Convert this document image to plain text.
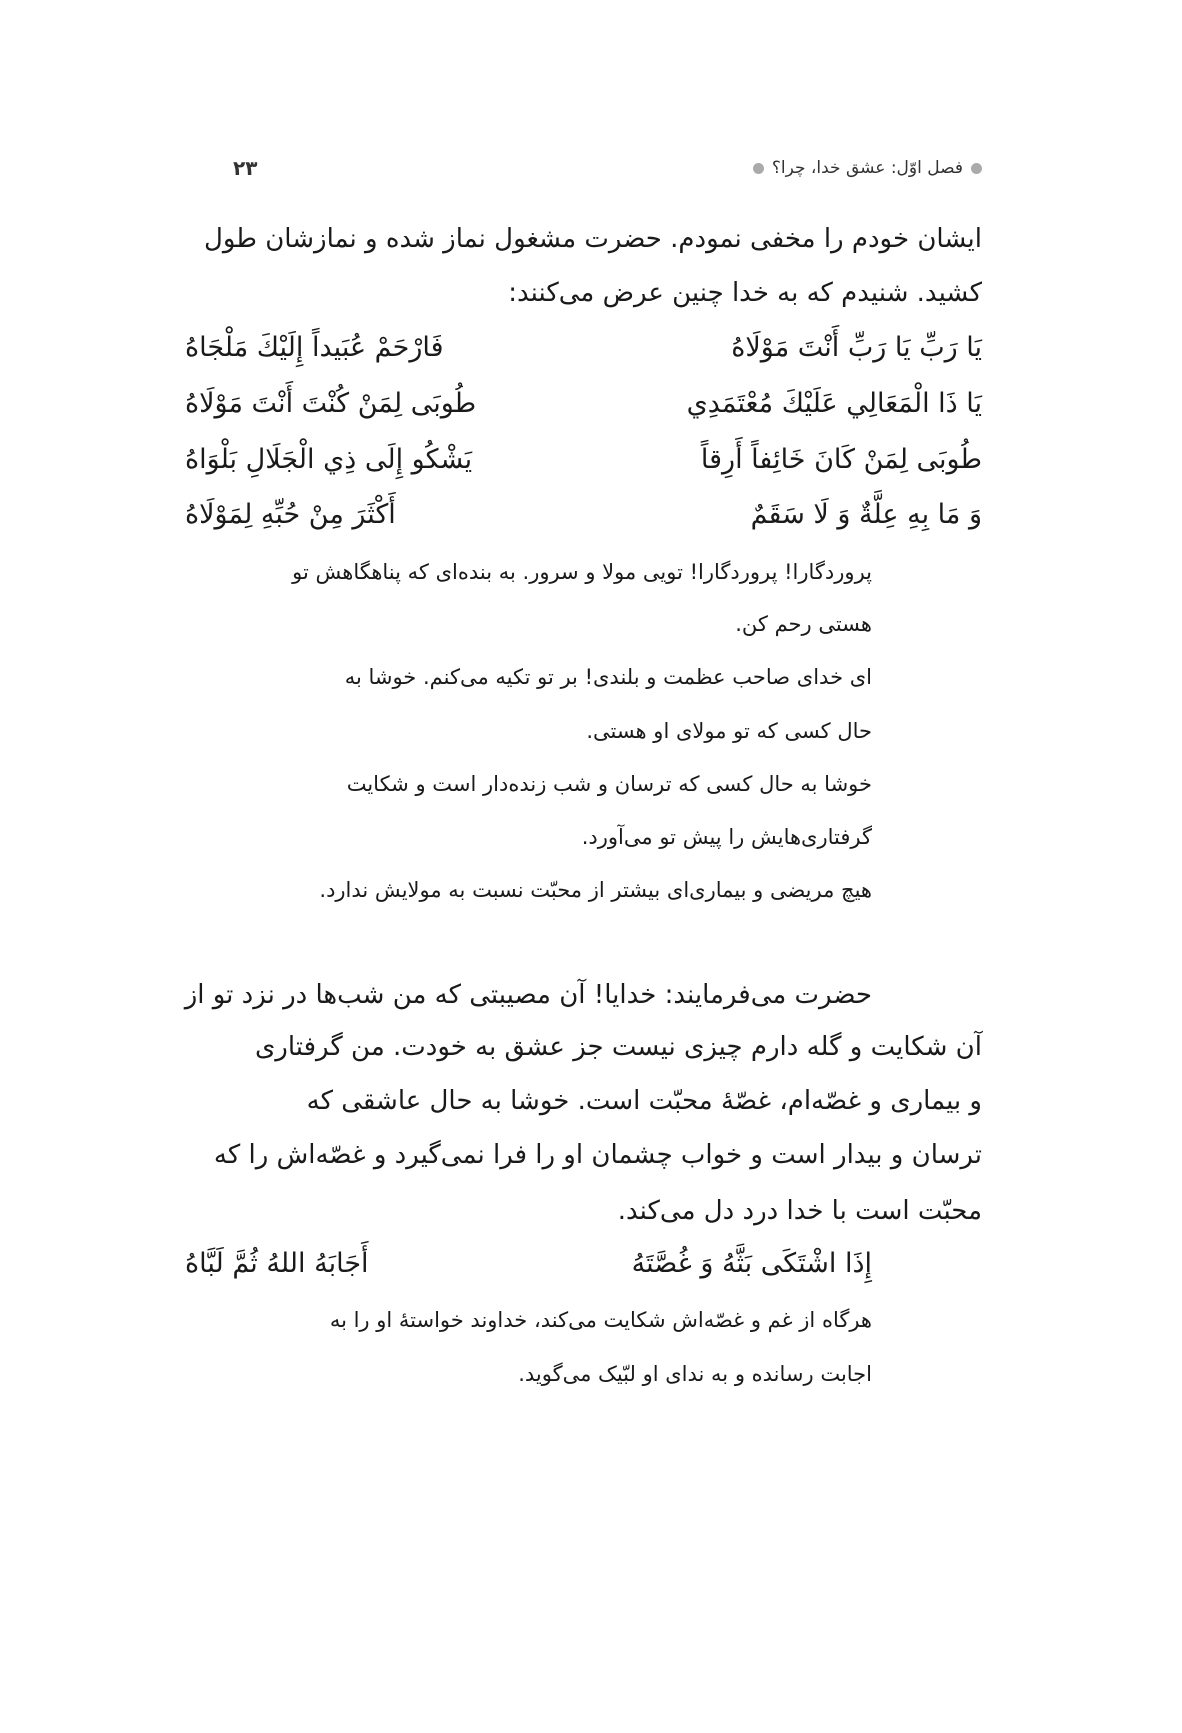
فصل اوّل: عشق خدا، چرا؟
۲۳
ایشان خودم را مخفی نمودم. حضرت مشغول نماز شده و نمازشان طول
کشید. شنیدم که به خدا چنین عرض می‌کنند:
یَا رَبِّ یَا رَبِّ أَنْتَ مَوْلَاهُ
فَارْحَمْ عُبَیداً إِلَیْكَ مَلْجَاهُ
یَا ذَا الْمَعَالِي عَلَيْكَ مُعْتَمَدِي
طُوبَى لِمَنْ كُنْتَ أَنْتَ مَوْلَاهُ
طُوبَى لِمَنْ كَانَ خَائِفاً أَرِقاً
يَشْكُو إِلَى ذِي الْجَلَالِ بَلْوَاهُ
وَ مَا بِهِ عِلَّةٌ وَ لَا سَقَمٌ
أَكْثَرَ مِنْ حُبِّهِ لِمَوْلَاهُ
پروردگارا! پروردگارا! تویی مولا و سرور. به بنده‌ای که پناهگاهش تو
هستی رحم کن.
ای خدای صاحب عظمت و بلندی! بر تو تکیه می‌کنم. خوشا به
حال کسی که تو مولای او هستی.
خوشا به حال کسی که ترسان و شب زنده‌دار است و شکایت
گرفتاری‌هایش را پیش تو می‌آورد.
هیچ مریضی و بیماری‌ای بیشتر از محبّت نسبت به مولایش ندارد.
حضرت می‌فرمایند: خدایا! آن مصیبتی که من شب‌ها در نزد تو از
آن شکایت و گله دارم چیزی نیست جز عشق به خودت. من گرفتاری
و بیماری و غصّه‌ام، غصّهٔ محبّت است. خوشا به حال عاشقی که
ترسان و بیدار است و خواب چشمان او را فرا نمی‌گیرد و غصّه‌اش را که
محبّت است با خدا درد دل می‌کند.
إِذَا اشْتَكَى بَثَّهُ وَ غُصَّتَهُ
أَجَابَهُ اللهُ ثُمَّ لَبَّاهُ
هرگاه از غم و غصّه‌اش شکایت می‌کند، خداوند خواستهٔ او را به
اجابت رسانده و به ندای او لبّیک می‌گوید.
